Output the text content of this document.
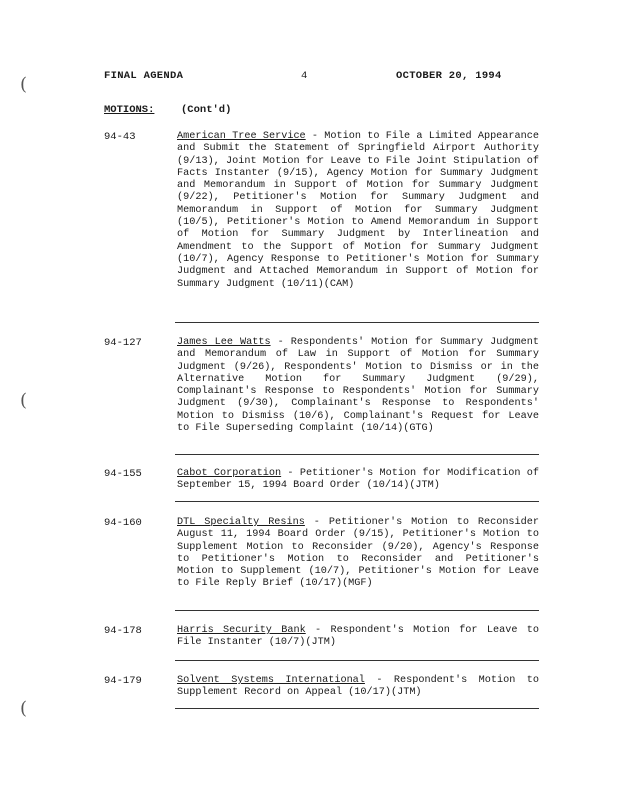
(
(
(
FINAL AGENDA	4	OCTOBER 20, 1994
MOTIONS:	(Cont'd)
94-43	American Tree Service - Motion to File a Limited Appearance and Submit the Statement of Springfield Airport Authority (9/13), Joint Motion for Leave to File Joint Stipulation of Facts Instanter (9/15), Agency Motion for Summary Judgment and Memorandum in Support of Motion for Summary Judgment (9/22), Petitioner's Motion for Summary Judgment and Memorandum in Support of Motion for Summary Judgment (10/5), Petitioner's Motion to Amend Memorandum in Support of Motion for Summary Judgment by Interlineation and Amendment to the Support of Motion for Summary Judgment (10/7), Agency Response to Petitioner's Motion for Summary Judgment and Attached Memorandum in Support of Motion for Summary Judgment (10/11)(CAM)
94-127	James Lee Watts - Respondents' Motion for Summary Judgment and Memorandum of Law in Support of Motion for Summary Judgment (9/26), Respondents' Motion to Dismiss or in the Alternative Motion for Summary Judgment (9/29), Complainant's Response to Respondents' Motion for Summary Judgment (9/30), Complainant's Response to Respondents' Motion to Dismiss (10/6), Complainant's Request for Leave to File Superseding Complaint (10/14)(GTG)
94-155	Cabot Corporation - Petitioner's Motion for Modification of September 15, 1994 Board Order (10/14)(JTM)
94-160	DTL Specialty Resins - Petitioner's Motion to Reconsider August 11, 1994 Board Order (9/15), Petitioner's Motion to Supplement Motion to Reconsider (9/20), Agency's Response to Petitioner's Motion to Reconsider and Petitioner's Motion to Supplement (10/7), Petitioner's Motion for Leave to File Reply Brief (10/17)(MGF)
94-178	Harris Security Bank - Respondent's Motion for Leave to File Instanter (10/7)(JTM)
94-179	Solvent Systems International - Respondent's Motion to Supplement Record on Appeal (10/17)(JTM)
